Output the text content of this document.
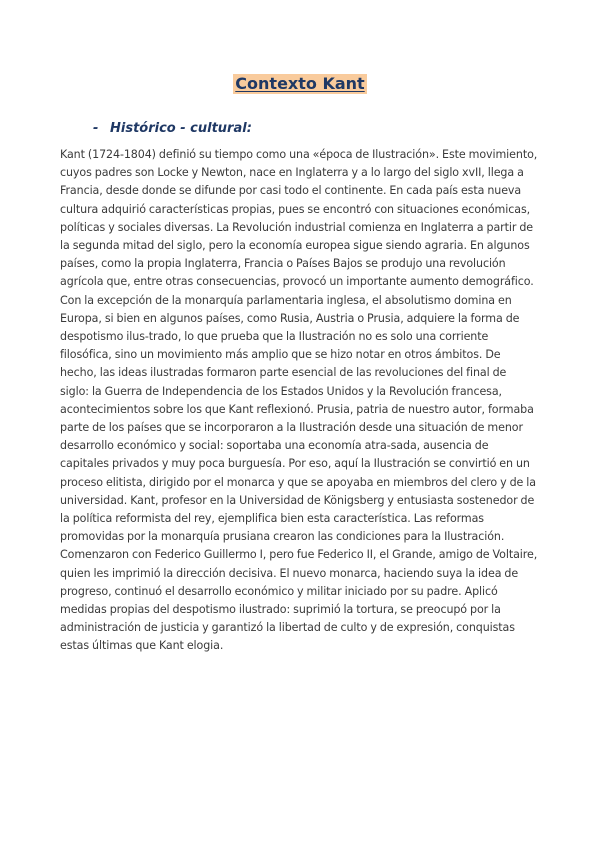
Contexto Kant
- Histórico - cultural:

Kant (1724-1804) definió su tiempo como una «época de Ilustración». Este movimiento, cuyos padres son Locke y Newton, nace en Inglaterra y a lo largo del siglo xvII, llega a Francia, desde donde se difunde por casi todo el continente. En cada país esta nueva cultura adquirió características propias, pues se encontró con situaciones económicas, políticas y sociales diversas. La Revolución industrial comienza en Inglaterra a partir de la segunda mitad del siglo, pero la economía europea sigue siendo agraria. En algunos países, como la propia Inglaterra, Francia o Países Bajos se produjo una revolución agrícola que, entre otras consecuencias, provocó un importante aumento demográfico. Con la excepción de la monarquía parlamentaria inglesa, el absolutismo domina en Europa, si bien en algunos países, como Rusia, Austria o Prusia, adquiere la forma de despotismo ilus-trado, lo que prueba que la Ilustración no es solo una corriente filosófica, sino un movimiento más amplio que se hizo notar en otros ámbitos. De hecho, las ideas ilustradas formaron parte esencial de las revoluciones del final de siglo: la Guerra de Independencia de los Estados Unidos y la Revolución francesa, acontecimientos sobre los que Kant reflexionó. Prusia, patria de nuestro autor, formaba parte de los países que se incorporaron a la Ilustración desde una situación de menor desarrollo económico y social: soportaba una economía atra-sada, ausencia de capitales privados y muy poca burguesía. Por eso, aquí la Ilustración se convirtió en un proceso elitista, dirigido por el monarca y que se apoyaba en miembros del clero y de la universidad. Kant, profesor en la Universidad de Königsberg y entusiasta sostenedor de la política reformista del rey, ejemplifica bien esta característica. Las reformas promovidas por la monarquía prusiana crearon las condiciones para la Ilustración. Comenzaron con Federico Guillermo I, pero fue Federico II, el Grande, amigo de Voltaire, quien les imprimió la dirección decisiva. El nuevo monarca, haciendo suya la idea de progreso, continuó el desarrollo económico y militar iniciado por su padre. Aplicó medidas propias del despotismo ilustrado: suprimió la tortura, se preocupó por la administración de justicia y garantizó la libertad de culto y de expresión, conquistas estas últimas que Kant elogia.
